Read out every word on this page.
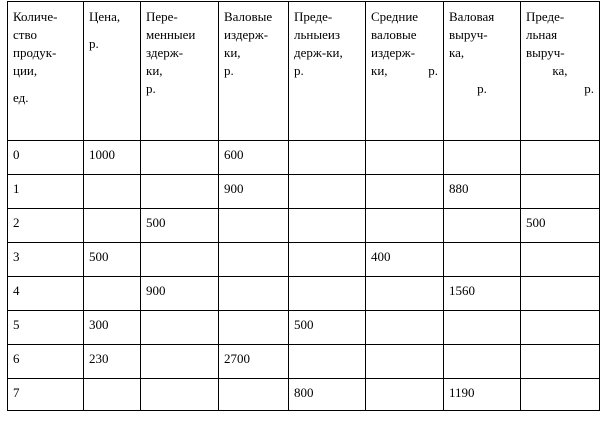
Количе-
ство
продук-
ции,
ед.	Цена,
р.	Пере-
менныеи
здерж-
ки,
р.	Валовые
издерж-
ки,
р.	Преде-
льныеиз
держ-ки,
р.	Средние
валовые
издерж-
ки, р.	Валовая
выруч-
ка,
р.	Преде-
льная
выруч-
ка,
р.

0	1000		600				
1			900			880	
2		500					500
3	500				400		
4		900				1560	
5	300			500			
6	230		2700				
7				800		1190	
